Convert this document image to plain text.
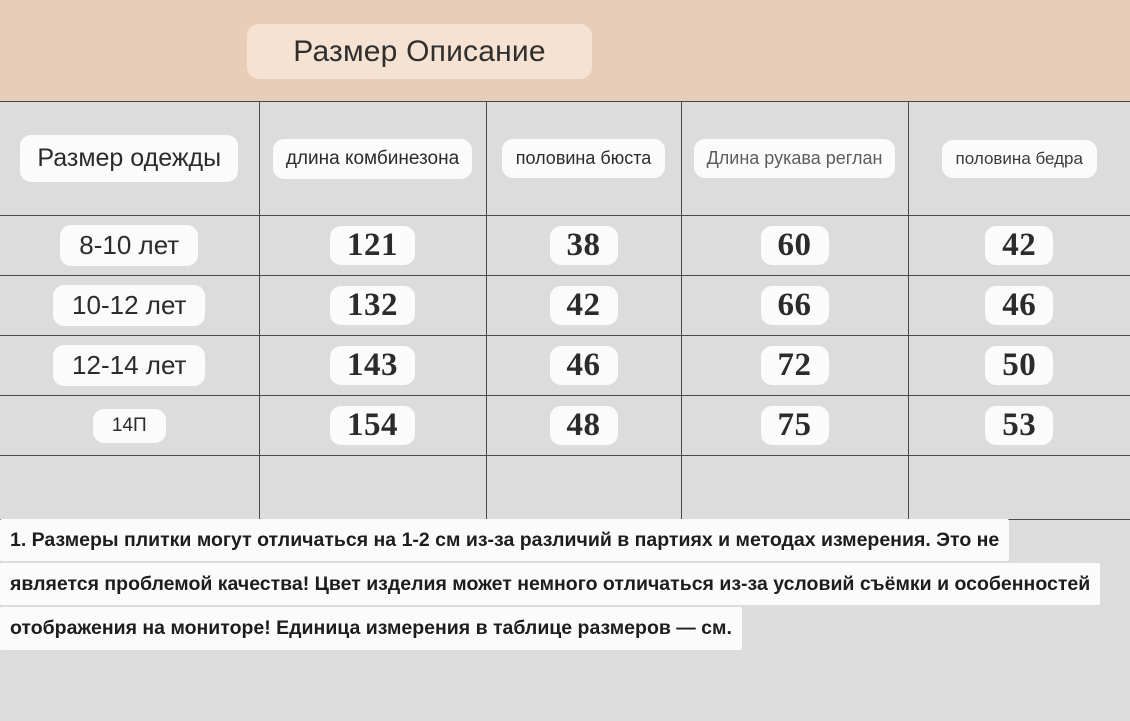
Размер Описание
Размер одежды	длина комбинезона	половина бюста	Длина рукава реглан	половина бедра
8-10 лет	121	38	60	42
10-12 лет	132	42	66	46
12-14 лет	143	46	72	50
14П	154	48	75	53

1. Размеры плитки могут отличаться на 1-2 см из-за различий в партиях и методах измерения. Это не
является проблемой качества! Цвет изделия может немного отличаться из-за условий съёмки и особенностей
отображения на мониторе! Единица измерения в таблице размеров — см.
